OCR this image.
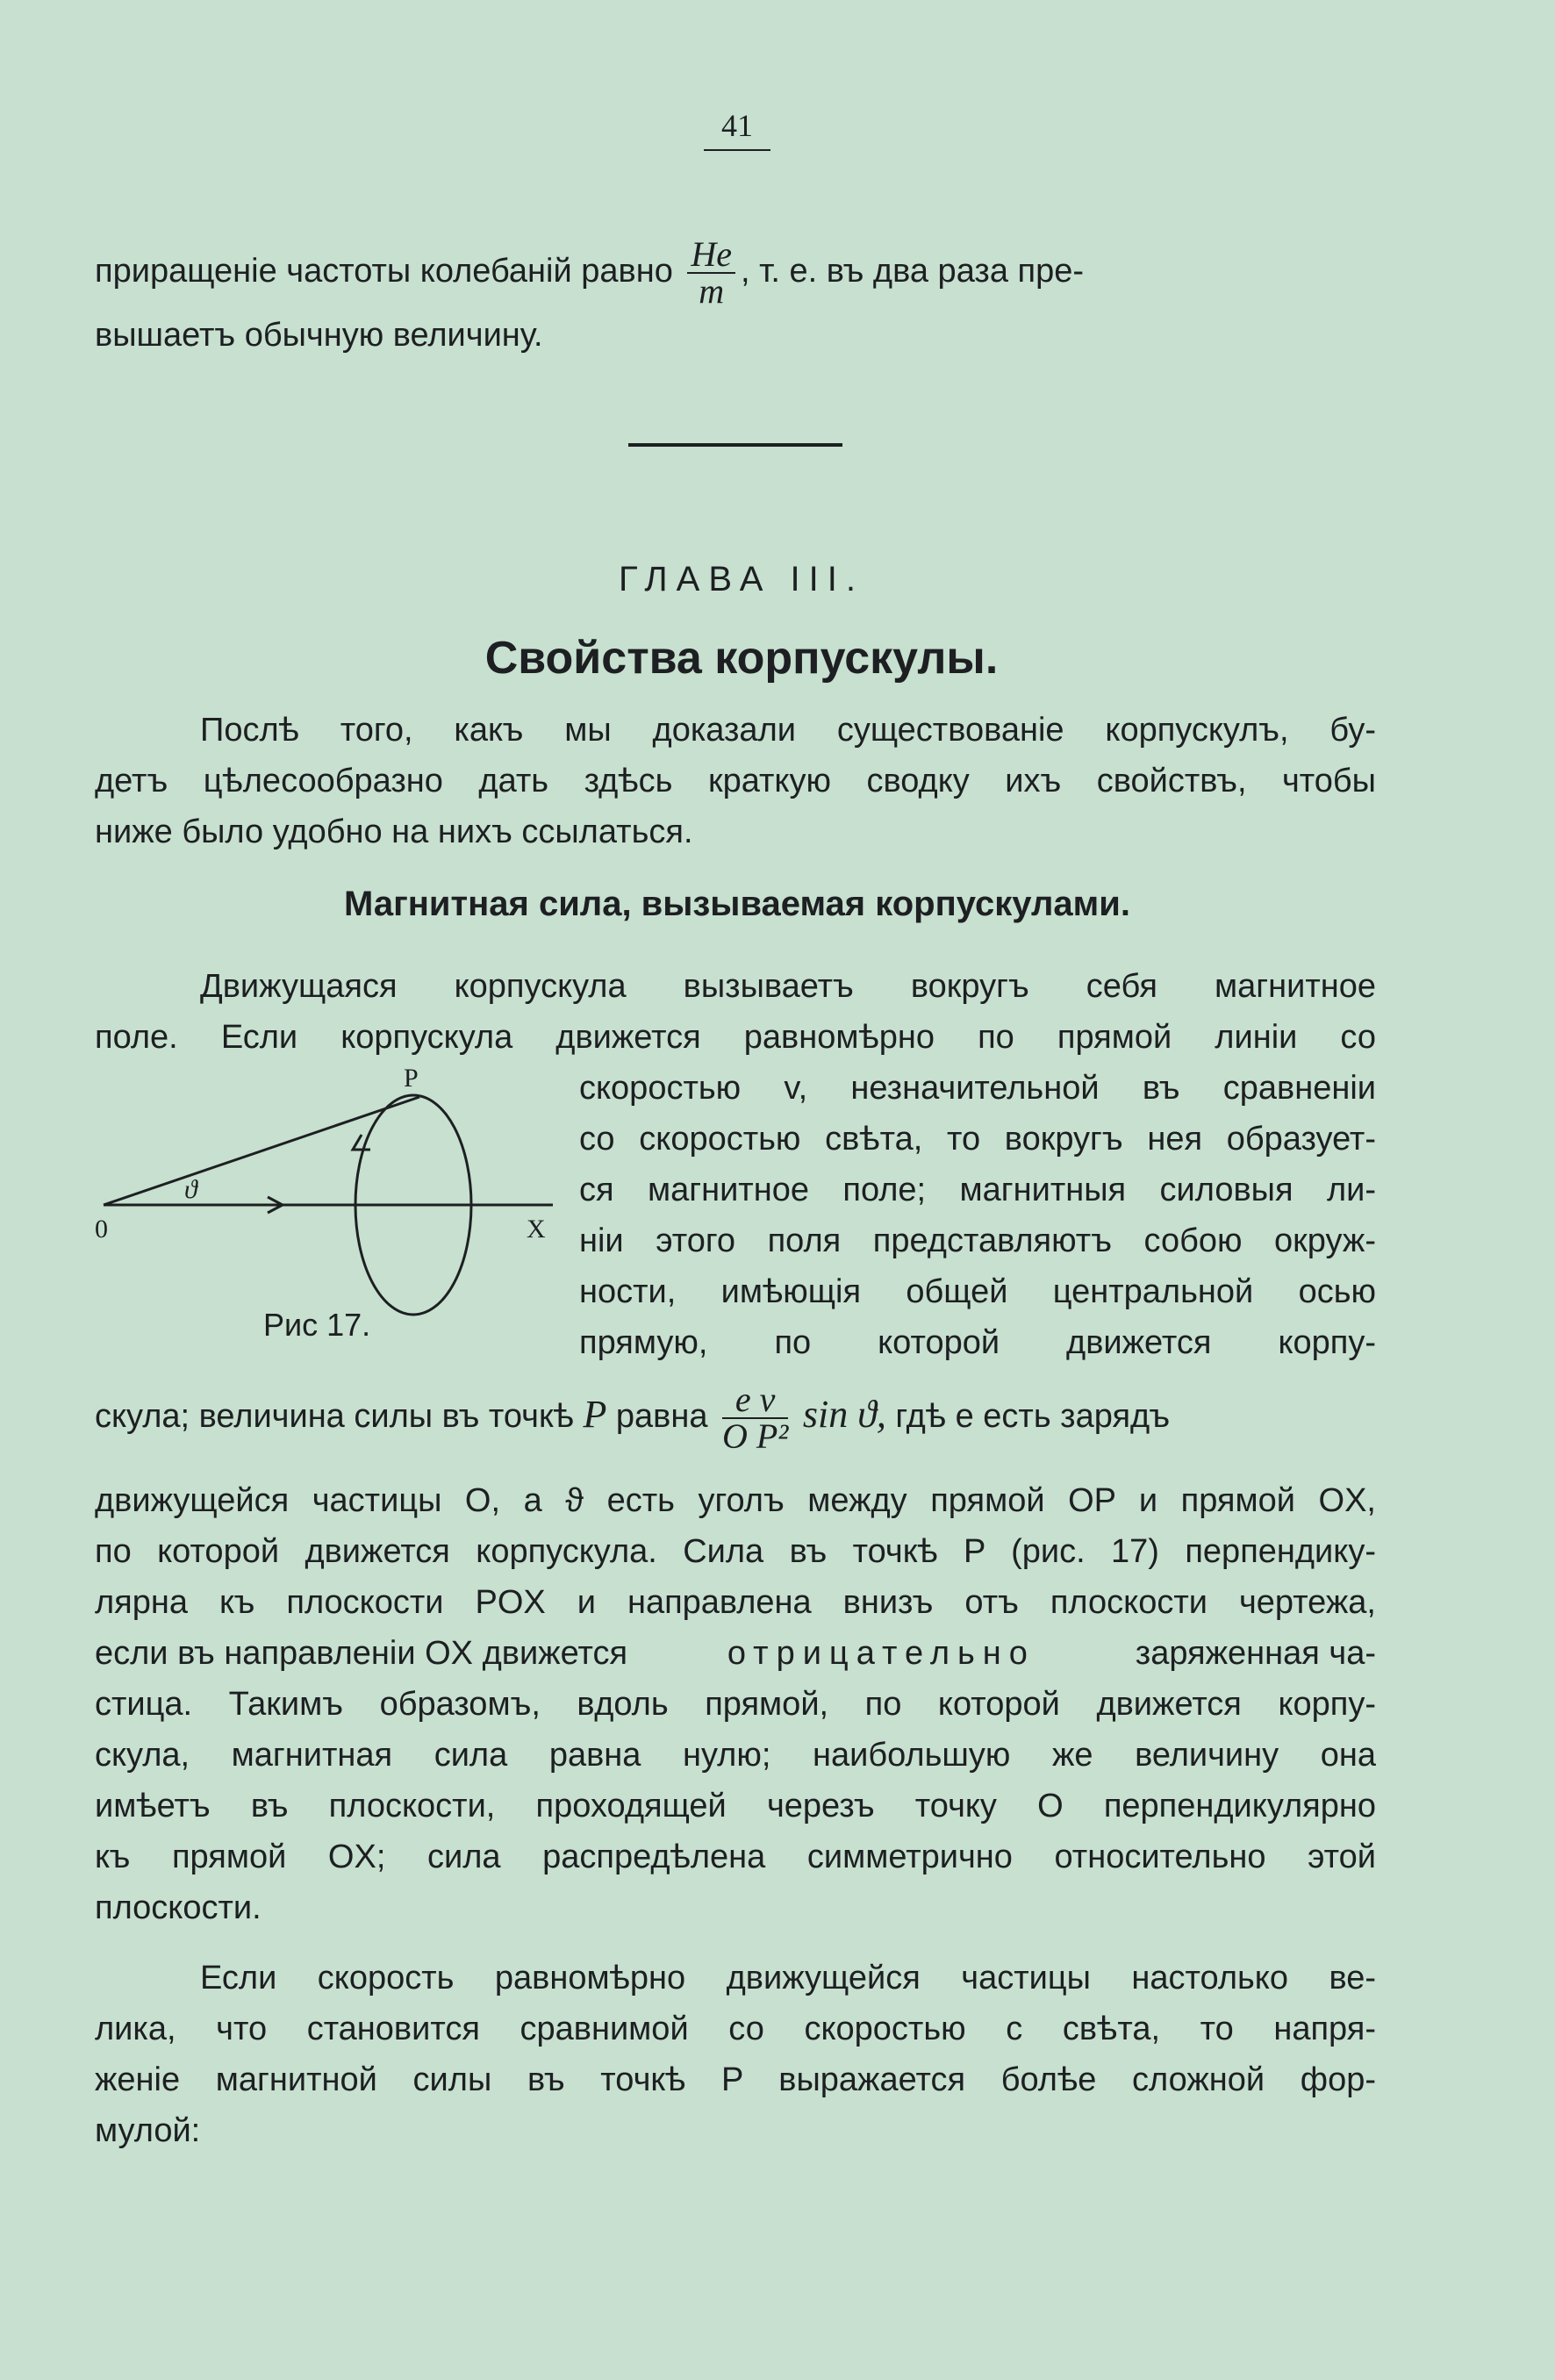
41
приращеніе частоты колебаній равно $\frac{He}{m}$ , т. е. въ два раза пре-
вышаетъ обычную величину.
ГЛАВА III.
Свойства корпускулы.
Послѣ того, какъ мы доказали существованіе корпускулъ, бу-
детъ цѣлесообразно дать здѣсь краткую сводку ихъ свойствъ, чтобы
ниже было удобно на нихъ ссылаться.
Магнитная сила, вызываемая корпускулами.
Движущаяся корпускула вызываетъ вокругъ себя магнитное
поле. Если корпускула движется равномѣрно по прямой линіи со
P
0	X
ϑ
Рис 17.
скоростью v, незначительной въ сравненіи
со скоростью свѣта, то вокругъ нея образует-
ся магнитное поле; магнитныя силовыя ли-
ніи этого поля представляютъ собою окруж-
ности, имѣющія общей центральной осью
прямую, по которой движется корпу-
скула; величина силы въ точкѣ P равна $\frac{\text{e v}}{\text{O P²}}$ sin ϑ, гдѣ e есть зарядъ
движущейся частицы O, а ϑ есть уголъ между прямой OP и прямой OX,
по которой движется корпускула. Сила въ точкѣ P (рис. 17) перпендику-
лярна къ плоскости POX и направлена внизъ отъ плоскости чертежа,
если въ направленіи OX движется	отрицательно	заряженная ча-
стица. Такимъ образомъ, вдоль прямой, по которой движется корпу-
скула, магнитная сила равна нулю; наибольшую же величину она
имѣетъ въ плоскости, проходящей черезъ точку O перпендикулярно
къ прямой OX; сила распредѣлена симметрично относительно этой
плоскости.
Если скорость равномѣрно движущейся частицы настолько ве-
лика, что становится сравнимой со скоростью c свѣта, то напря-
женіе магнитной силы въ точкѣ P выражается болѣе сложной фор-
мулой:
